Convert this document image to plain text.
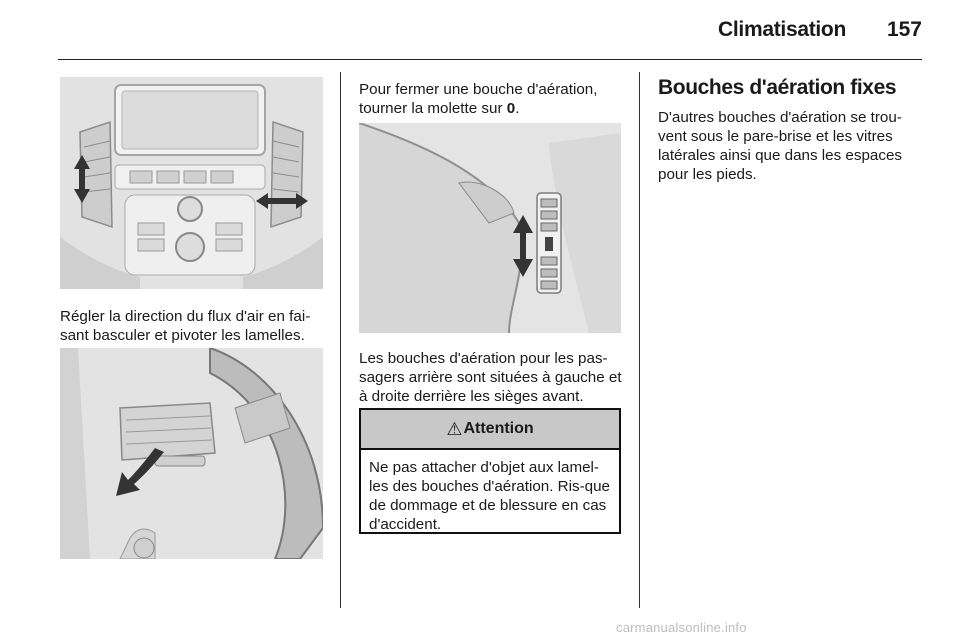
Climatisation	157

Régler la direction du flux d'air en fai-sant basculer et pivoter les lamelles.

Pour fermer une bouche d'aération, tourner la molette sur 0.

Les bouches d'aération pour les pas-sagers arrière sont situées à gauche et à droite derrière les sièges avant.

⚠ Attention

Ne pas attacher d'objet aux lamel-les des bouches d'aération. Ris-que de dommage et de blessure en cas d'accident.

Bouches d'aération fixes

D'autres bouches d'aération se trou-vent sous le pare-brise et les vitres latérales ainsi que dans les espaces pour les pieds.

carmanualsonline.info
